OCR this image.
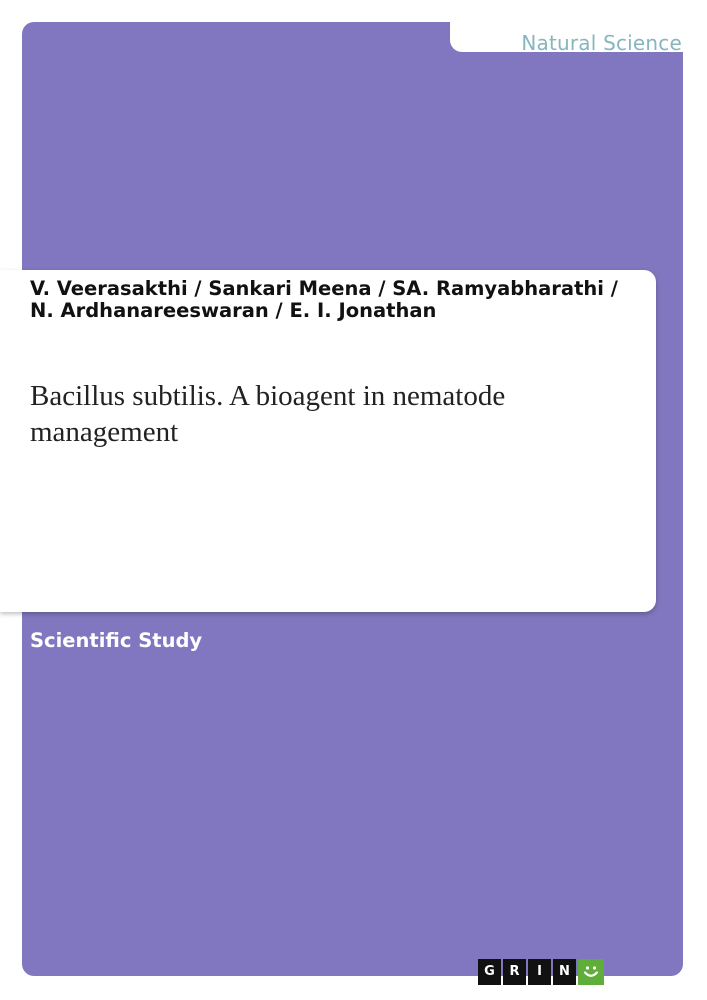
Natural Science
V. Veerasakthi / Sankari Meena / SA. Ramyabharathi / N. Ardhanareeswaran / E. I. Jonathan
Bacillus subtilis. A bioagent in nematode management
Scientific Study
G	R	I	N
